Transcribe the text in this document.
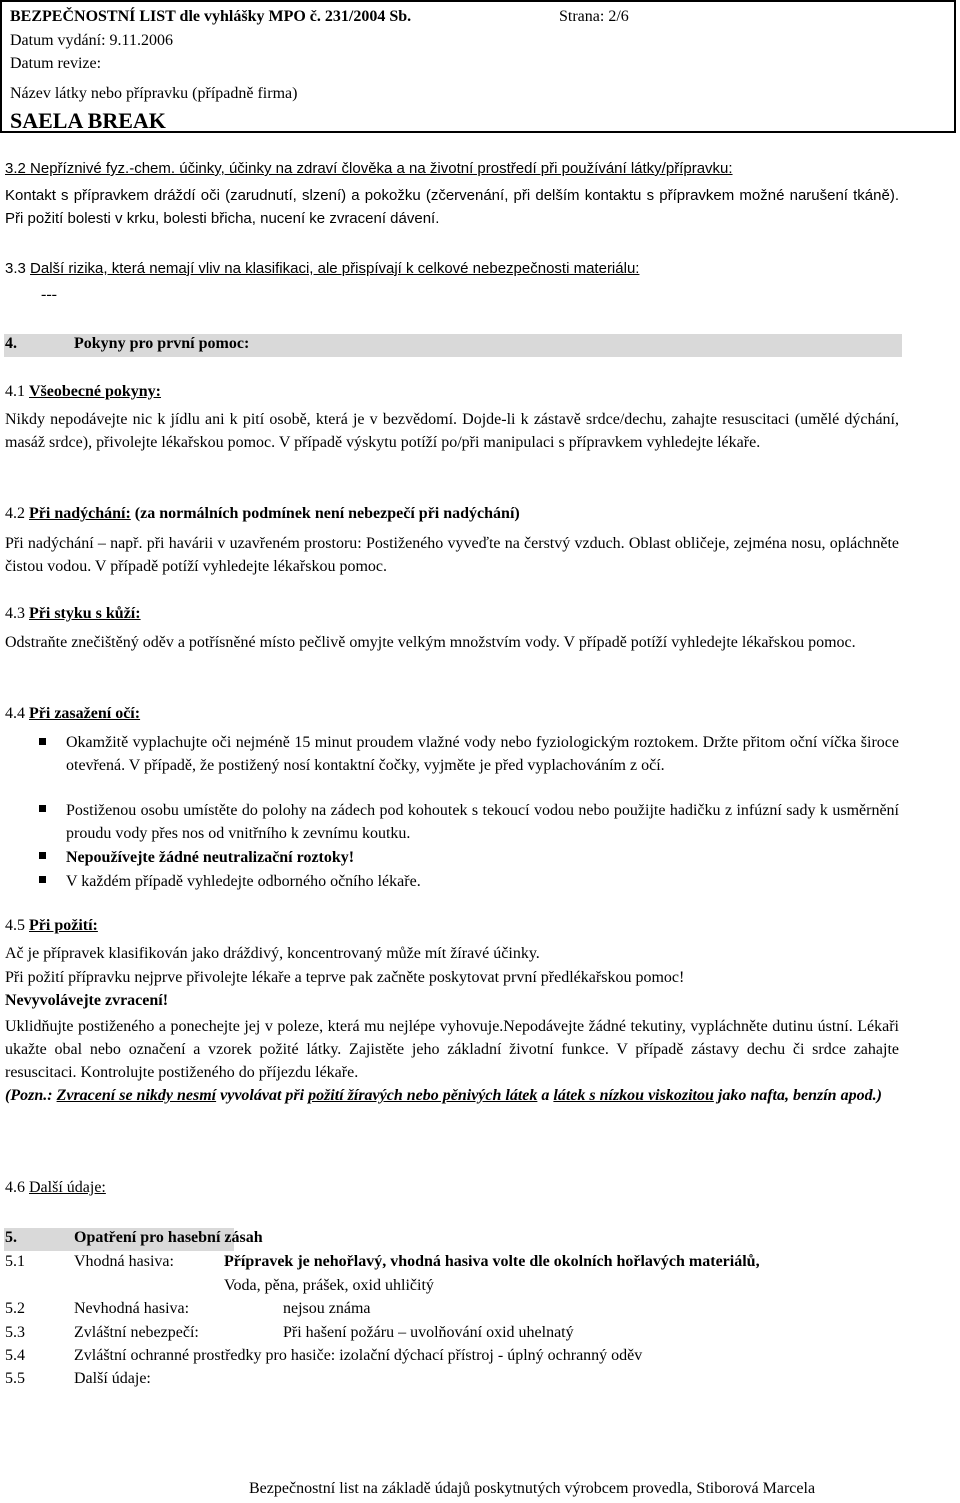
BEZPEČNOSTNÍ LIST dle vyhlášky MPO č. 231/2004 Sb.	Strana: 2/6
Datum vydání: 9.11.2006
Datum revize:
Název látky nebo přípravku (případně firma)
SAELA BREAK
3.2 Nepříznivé fyz.-chem. účinky, účinky na zdraví člověka a na životní prostředí při používání látky/přípravku:
Kontakt s přípravkem dráždí oči (zarudnutí, slzení) a pokožku (zčervenání, při delším kontaktu s přípravkem možné narušení tkáně). Při požití bolesti v krku, bolesti břicha, nucení ke zvracení dávení.
3.3 Další rizika, která nemají vliv na klasifikaci, ale přispívají k celkové nebezpečnosti materiálu:
---
4.	Pokyny pro první pomoc:
4.1 Všeobecné pokyny:
Nikdy nepodávejte nic k jídlu ani k pití osobě, která je v bezvědomí. Dojde-li k zástavě srdce/dechu, zahajte resuscitaci (umělé dýchání, masáž srdce), přivolejte lékařskou pomoc. V případě výskytu potíží po/při manipulaci s přípravkem vyhledejte lékaře.
4.2 Při nadýchání: (za normálních podmínek není nebezpečí při nadýchání)
Při nadýchání – např. při havárii v uzavřeném prostoru: Postiženého vyveďte na čerstvý vzduch. Oblast obličeje, zejména nosu, opláchněte čistou vodou. V případě potíží vyhledejte lékařskou pomoc.
4.3 Při styku s kůží:
Odstraňte znečištěný oděv a potřísněné místo pečlivě omyjte velkým množstvím vody. V případě potíží vyhledejte lékařskou pomoc.
4.4 Při zasažení očí:
Okamžitě vyplachujte oči nejméně 15 minut proudem vlažné vody nebo fyziologickým roztokem. Držte přitom oční víčka široce otevřená. V případě, že postižený nosí kontaktní čočky, vyjměte je před vyplachováním z očí.
Postiženou osobu umístěte do polohy na zádech pod kohoutek s tekoucí vodou nebo použijte hadičku z infúzní sady k usměrnění proudu vody přes nos od vnitřního k zevnímu koutku.
Nepoužívejte žádné neutralizační roztoky!
V každém případě vyhledejte odborného očního lékaře.
4.5 Při požití:
Ač je přípravek klasifikován jako dráždivý, koncentrovaný může mít žíravé účinky.
Při požití přípravku nejprve přivolejte lékaře a teprve pak začněte poskytovat první předlékařskou pomoc!
Nevyvolávejte zvracení!
Uklidňujte postiženého a ponechejte jej v poleze, která mu nejlépe vyhovuje.Nepodávejte žádné tekutiny, vypláchněte dutinu ústní. Lékaři ukažte obal nebo označení a vzorek požité látky. Zajistěte jeho základní životní funkce. V případě zástavy dechu či srdce zahajte resuscitaci. Kontrolujte postiženého do příjezdu lékaře.
(Pozn.: Zvracení se nikdy nesmí vyvolávat při požití žíravých nebo pěnivých látek a látek s nízkou viskozitou jako nafta, benzín apod.)
4.6 Další údaje:
5.	Opatření pro hasební zásah
5.1	Vhodná hasiva:	Přípravek je nehořlavý, vhodná hasiva volte dle okolních hořlavých materiálů,
Voda, pěna, prášek, oxid uhličitý
5.2	Nevhodná hasiva:	nejsou známa
5.3	Zvláštní nebezpečí:	Při hašení požáru – uvolňování oxid uhelnatý
5.4	Zvláštní ochranné prostředky pro hasiče: izolační dýchací přístroj - úplný ochranný oděv
5.5	Další údaje:
Bezpečnostní list na základě údajů poskytnutých výrobcem provedla, Stiborová Marcela
